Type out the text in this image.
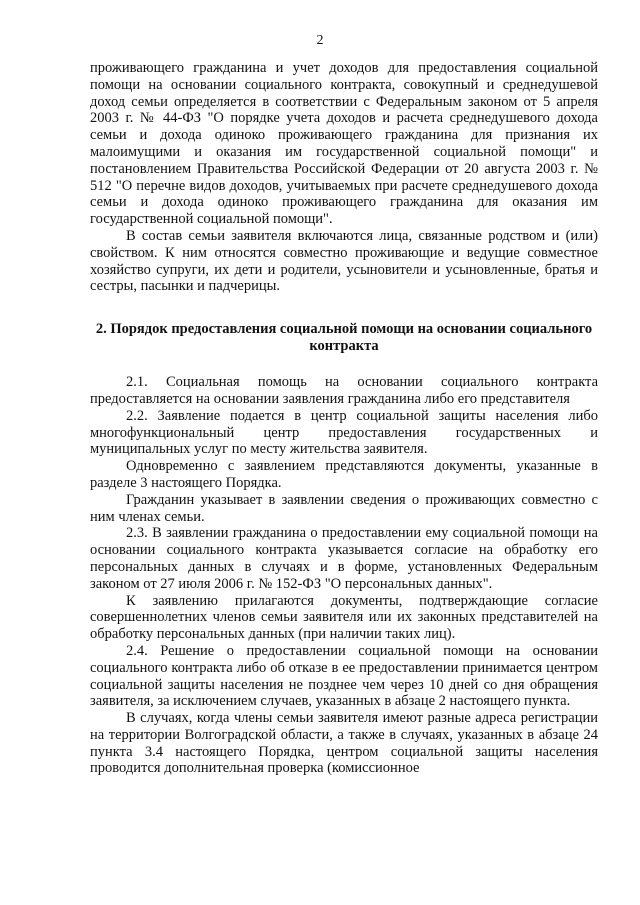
2

проживающего гражданина и учет доходов для предоставления социальной помощи на основании социального контракта, совокупный и среднедушевой доход семьи определяется в соответствии с Федеральным законом от 5 апреля 2003 г. № 44-ФЗ "О порядке учета доходов и расчета среднедушевого дохода семьи и дохода одиноко проживающего гражданина для признания их малоимущими и оказания им государственной социальной помощи" и постановлением Правительства Российской Федерации от 20 августа 2003 г. № 512 "О перечне видов доходов, учитываемых при расчете среднедушевого дохода семьи и дохода одиноко проживающего гражданина для оказания им государственной социальной помощи".

В состав семьи заявителя включаются лица, связанные родством и (или) свойством. К ним относятся совместно проживающие и ведущие совместное хозяйство супруги, их дети и родители, усыновители и усыновленные, братья и сестры, пасынки и падчерицы.

2. Порядок предоставления социальной помощи на основании социального контракта

2.1. Социальная помощь на основании социального контракта предоставляется на основании заявления гражданина либо его представителя

2.2. Заявление подается в центр социальной защиты населения либо многофункциональный центр предоставления государственных и муниципальных услуг по месту жительства заявителя.

Одновременно с заявлением представляются документы, указанные в разделе 3 настоящего Порядка.

Гражданин указывает в заявлении сведения о проживающих совместно с ним членах семьи.

2.3. В заявлении гражданина о предоставлении ему социальной помощи на основании социального контракта указывается согласие на обработку его персональных данных в случаях и в форме, установленных Федеральным законом от 27 июля 2006 г. № 152-ФЗ "О персональных данных".

К заявлению прилагаются документы, подтверждающие согласие совершеннолетних членов семьи заявителя или их законных представителей на обработку персональных данных (при наличии таких лиц).

2.4. Решение о предоставлении социальной помощи на основании социального контракта либо об отказе в ее предоставлении принимается центром социальной защиты населения не позднее чем через 10 дней со дня обращения заявителя, за исключением случаев, указанных в абзаце 2 настоящего пункта.

В случаях, когда члены семьи заявителя имеют разные адреса регистрации на территории Волгоградской области, а также в случаях, указанных в абзаце 24 пункта 3.4 настоящего Порядка, центром социальной защиты населения проводится дополнительная проверка (комиссионное
